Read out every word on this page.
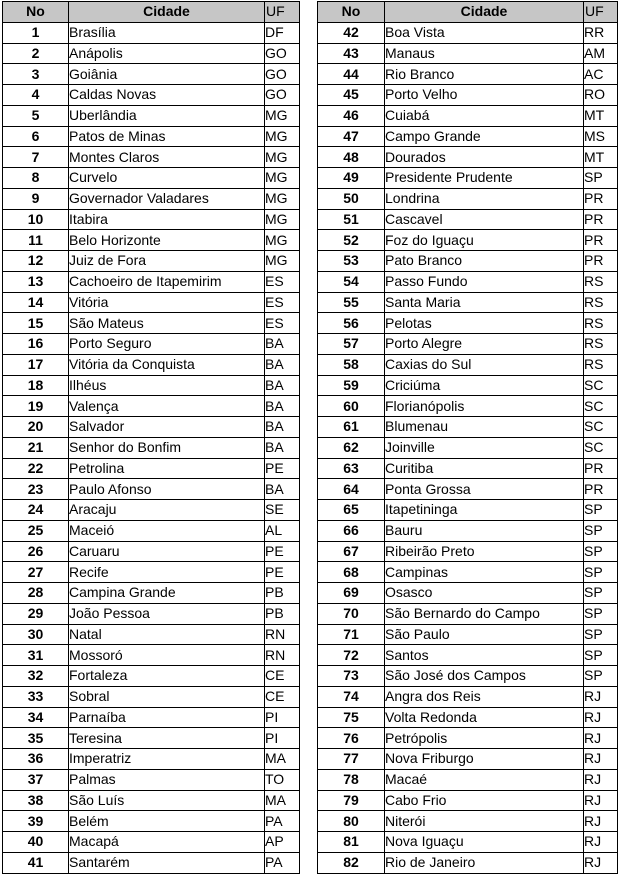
No	Cidade	UF
1	Brasília	DF
2	Anápolis	GO
3	Goiânia	GO
4	Caldas Novas	GO
5	Uberlândia	MG
6	Patos de Minas	MG
7	Montes Claros	MG
8	Curvelo	MG
9	Governador Valadares	MG
10	Itabira	MG
11	Belo Horizonte	MG
12	Juiz de Fora	MG
13	Cachoeiro de Itapemirim	ES
14	Vitória	ES
15	São Mateus	ES
16	Porto Seguro	BA
17	Vitória da Conquista	BA
18	Ilhéus	BA
19	Valença	BA
20	Salvador	BA
21	Senhor do Bonfim	BA
22	Petrolina	PE
23	Paulo Afonso	BA
24	Aracaju	SE
25	Maceió	AL
26	Caruaru	PE
27	Recife	PE
28	Campina Grande	PB
29	João Pessoa	PB
30	Natal	RN
31	Mossoró	RN
32	Fortaleza	CE
33	Sobral	CE
34	Parnaíba	PI
35	Teresina	PI
36	Imperatriz	MA
37	Palmas	TO
38	São Luís	MA
39	Belém	PA
40	Macapá	AP
41	Santarém	PA
No	Cidade	UF
42	Boa Vista	RR
43	Manaus	AM
44	Rio Branco	AC
45	Porto Velho	RO
46	Cuiabá	MT
47	Campo Grande	MS
48	Dourados	MT
49	Presidente Prudente	SP
50	Londrina	PR
51	Cascavel	PR
52	Foz do Iguaçu	PR
53	Pato Branco	PR
54	Passo Fundo	RS
55	Santa Maria	RS
56	Pelotas	RS
57	Porto Alegre	RS
58	Caxias do Sul	RS
59	Criciúma	SC
60	Florianópolis	SC
61	Blumenau	SC
62	Joinville	SC
63	Curitiba	PR
64	Ponta Grossa	PR
65	Itapetininga	SP
66	Bauru	SP
67	Ribeirão Preto	SP
68	Campinas	SP
69	Osasco	SP
70	São Bernardo do Campo	SP
71	São Paulo	SP
72	Santos	SP
73	São José dos Campos	SP
74	Angra dos Reis	RJ
75	Volta Redonda	RJ
76	Petrópolis	RJ
77	Nova Friburgo	RJ
78	Macaé	RJ
79	Cabo Frio	RJ
80	Niterói	RJ
81	Nova Iguaçu	RJ
82	Rio de Janeiro	RJ
